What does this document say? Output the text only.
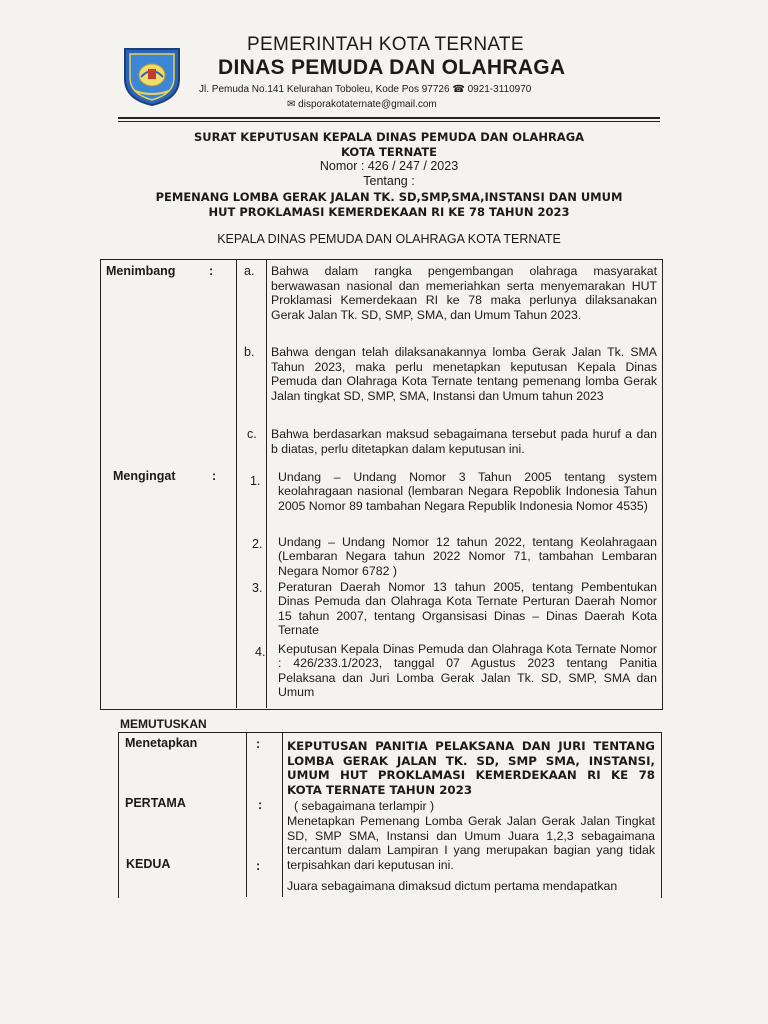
PEMERINTAH KOTA TERNATE
DINAS PEMUDA DAN OLAHRAGA
Jl. Pemuda No.141 Kelurahan Toboleu, Kode Pos 97726 ☎ 0921-3110970
✉ disporakotaternate@gmail.com
SURAT KEPUTUSAN KEPALA DINAS PEMUDA DAN OLAHRAGA
KOTA TERNATE
Nomor : 426 / 247 / 2023
Tentang :
PEMENANG LOMBA GERAK JALAN TK. SD,SMP,SMA,INSTANSI DAN UMUM
HUT PROKLAMASI KEMERDEKAAN RI KE 78 TAHUN 2023
KEPALA DINAS PEMUDA DAN OLAHRAGA KOTA TERNATE
Menimbang	: a. Bahwa dalam rangka pengembangan olahraga masyarakat berwawasan nasional dan memeriahkan serta menyemarakan HUT Proklamasi Kemerdekaan RI ke 78 maka perlunya dilaksanakan Gerak Jalan Tk. SD, SMP, SMA, dan Umum Tahun 2023.
b. Bahwa dengan telah dilaksanakannya lomba Gerak Jalan Tk. SMA Tahun 2023, maka perlu menetapkan keputusan Kepala Dinas Pemuda dan Olahraga Kota Ternate tentang pemenang lomba Gerak Jalan tingkat SD, SMP, SMA, Instansi dan Umum tahun 2023
c. Bahwa berdasarkan maksud sebagaimana tersebut pada huruf a dan b diatas, perlu ditetapkan dalam keputusan ini.
Mengingat	:	1. Undang – Undang Nomor 3 Tahun 2005 tentang system keolahragaan nasional (lembaran Negara Repoblik Indonesia Tahun 2005 Nomor 89 tambahan Negara Republik Indonesia Nomor 4535)
2. Undang – Undang Nomor 12 tahun 2022, tentang Keolahragaan (Lembaran Negara tahun 2022 Nomor 71, tambahan Lembaran Negara Nomor 6782 )
3. Peraturan Daerah Nomor 13 tahun 2005, tentang Pembentukan Dinas Pemuda dan Olahraga Kota Ternate Perturan Daerah Nomor 15 tahun 2007, tentang Organsisasi Dinas – Dinas Daerah Kota Ternate
4. Keputusan Kepala Dinas Pemuda dan Olahraga Kota Ternate Nomor : 426/233.1/2023, tanggal 07 Agustus 2023 tentang Panitia Pelaksana dan Juri Lomba Gerak Jalan Tk. SD, SMP, SMA dan Umum
MEMUTUSKAN
Menetapkan	: KEPUTUSAN PANITIA PELAKSANA DAN JURI TENTANG LOMBA GERAK JALAN TK. SD, SMP SMA, INSTANSI, UMUM HUT PROKLAMASI KEMERDEKAAN RI KE 78 KOTA TERNATE TAHUN 2023
( sebagaimana terlampir )
PERTAMA	:
Menetapkan Pemenang Lomba Gerak Jalan Gerak Jalan Tingkat SD, SMP SMA, Instansi dan Umum Juara 1,2,3 sebagaimana tercantum dalam Lampiran I yang merupakan bagian yang tidak terpisahkan dari keputusan ini.
KEDUA	:
Juara sebagaimana dimaksud dictum pertama mendapatkan
